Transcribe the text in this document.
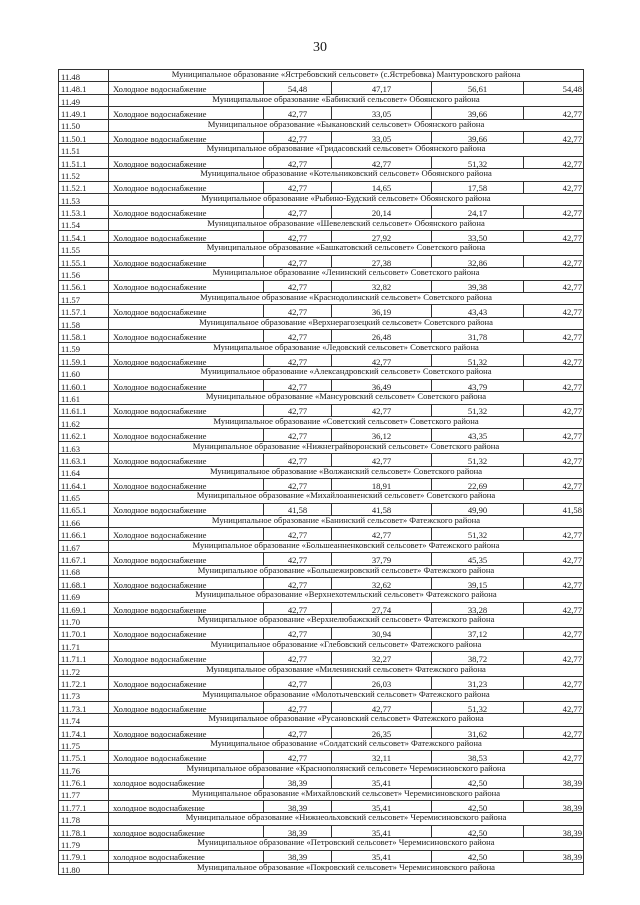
30
11.48	Муниципальное образование «Ястребовский сельсовет» (с.Ястребовка) Мантуровского района				
11.48.1	Холодное водоснабжение	54,48	47,17	56,61	54,48
11.49	Муниципальное образование «Бабинский сельсовет» Обоянского района				
11.49.1	Холодное водоснабжение	42,77	33,05	39,66	42,77
11.50	Муниципальное образование «Быкановский сельсовет» Обоянского района				
11.50.1	Холодное водоснабжение	42,77	33,05	39,66	42,77
11.51	Муниципальное образование «Гридасовский сельсовет» Обоянского района				
11.51.1	Холодное водоснабжение	42,77	42,77	51,32	42,77
11.52	Муниципальное образование «Котельниковский сельсовет» Обоянского района				
11.52.1	Холодное водоснабжение	42,77	14,65	17,58	42,77
11.53	Муниципальное образование «Рыбино-Будский сельсовет» Обоянского района				
11.53.1	Холодное водоснабжение	42,77	20,14	24,17	42,77
11.54	Муниципальное образование «Шевелевский сельсовет» Обоянского района				
11.54.1	Холодное водоснабжение	42,77	27,92	33,50	42,77
11.55	Муниципальное образование «Башкатовский сельсовет» Советского района				
11.55.1	Холодное водоснабжение	42,77	27,38	32,86	42,77
11.56	Муниципальное образование «Ленинский сельсовет» Советского района				
11.56.1	Холодное водоснабжение	42,77	32,82	39,38	42,77
11.57	Муниципальное образование «Краснодолинский сельсовет» Советского района				
11.57.1	Холодное водоснабжение	42,77	36,19	43,43	42,77
11.58	Муниципальное образование «Верхнерагозецкий сельсовет» Советского района				
11.58.1	Холодное водоснабжение	42,77	26,48	31,78	42,77
11.59	Муниципальное образование «Ледовский сельсовет» Советского района				
11.59.1	Холодное водоснабжение	42,77	42,77	51,32	42,77
11.60	Муниципальное образование «Александровский сельсовет» Советского района				
11.60.1	Холодное водоснабжение	42,77	36,49	43,79	42,77
11.61	Муниципальное образование «Мансуровский сельсовет» Советского района				
11.61.1	Холодное водоснабжение	42,77	42,77	51,32	42,77
11.62	Муниципальное образование «Советский сельсовет» Советского района				
11.62.1	Холодное водоснабжение	42,77	36,12	43,35	42,77
11.63	Муниципальное образование «Нижнеграйворонский сельсовет» Советского района				
11.63.1	Холодное водоснабжение	42,77	42,77	51,32	42,77
11.64	Муниципальное образование «Волжанский сельсовет» Советского района				
11.64.1	Холодное водоснабжение	42,77	18,91	22,69	42,77
11.65	Муниципальное образование «Михайлоанненский сельсовет» Советского района				
11.65.1	Холодное водоснабжение	41,58	41,58	49,90	41,58
11.66	Муниципальное образование «Банинский сельсовет» Фатежского района				
11.66.1	Холодное водоснабжение	42,77	42,77	51,32	42,77
11.67	Муниципальное образование «Большеанненковский сельсовет» Фатежского района				
11.67.1	Холодное водоснабжение	42,77	37,79	45,35	42,77
11.68	Муниципальное образование «Большежировский сельсовет» Фатежского района				
11.68.1	Холодное водоснабжение	42,77	32,62	39,15	42,77
11.69	Муниципальное образование «Верхнехотемльский сельсовет» Фатежского района				
11.69.1	Холодное водоснабжение	42,77	27,74	33,28	42,77
11.70	Муниципальное образование «Верхнелюбажский сельсовет» Фатежского района				
11.70.1	Холодное водоснабжение	42,77	30,94	37,12	42,77
11.71	Муниципальное образование «Глебовский сельсовет» Фатежского района				
11.71.1	Холодное водоснабжение	42,77	32,27	38,72	42,77
11.72	Муниципальное образование «Миленинский сельсовет» Фатежского района				
11.72.1	Холодное водоснабжение	42,77	26,03	31,23	42,77
11.73	Муниципальное образование «Молотычевский сельсовет» Фатежского района				
11.73.1	Холодное водоснабжение	42,77	42,77	51,32	42,77
11.74	Муниципальное образование «Русановский сельсовет» Фатежского района				
11.74.1	Холодное водоснабжение	42,77	26,35	31,62	42,77
11.75	Муниципальное образование «Солдатский сельсовет» Фатежского района				
11.75.1	Холодное водоснабжение	42,77	32,11	38,53	42,77
11.76	Муниципальное образование «Краснополянский сельсовет» Черемисиновского района				
11.76.1	холодное водоснабжение	38,39	35,41	42,50	38,39
11.77	Муниципальное образование «Михайловский сельсовет» Черемисиновского района				
11.77.1	холодное водоснабжение	38,39	35,41	42,50	38,39
11.78	Муниципальное образование «Нижнеольховский сельсовет» Черемисиновского района				
11.78.1	холодное водоснабжение	38,39	35,41	42,50	38,39
11.79	Муниципальное образование «Петровский сельсовет» Черемисиновского района				
11.79.1	холодное водоснабжение	38,39	35,41	42,50	38,39
11.80	Муниципальное образование «Покровский сельсовет» Черемисиновского района				
